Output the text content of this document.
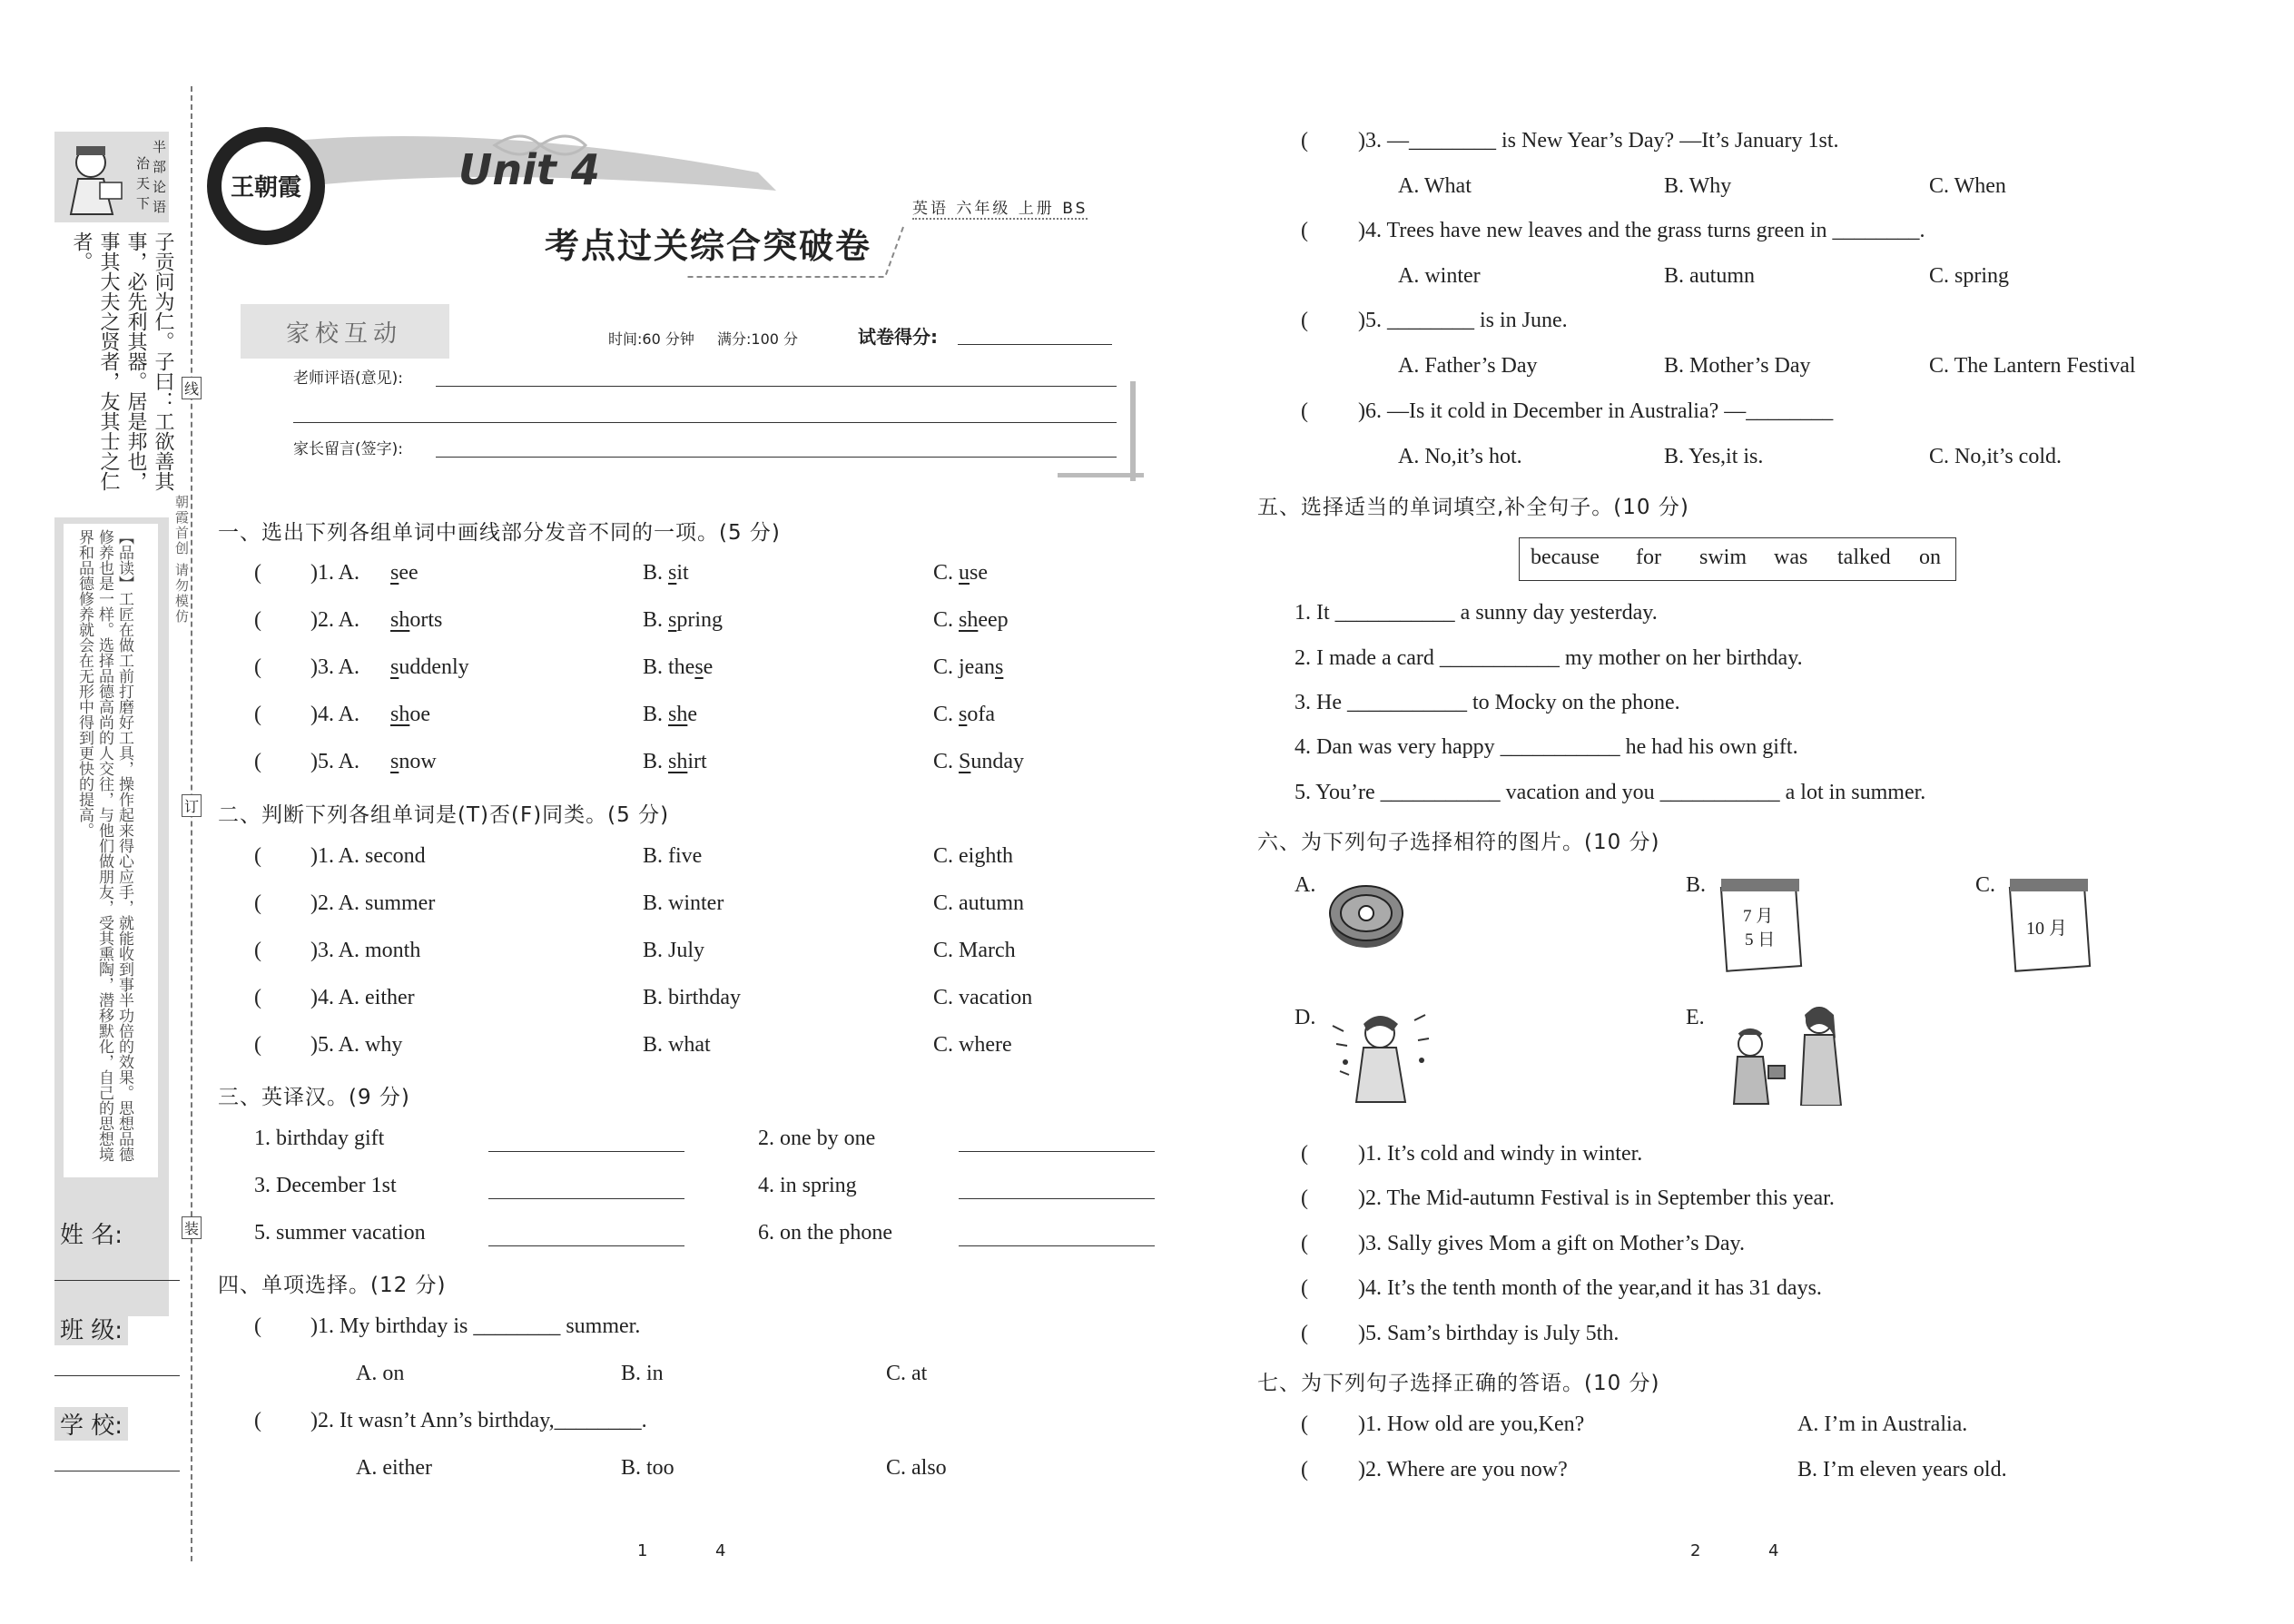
半
部
论
语
治
天
下
子贡问为仁。子曰：工欲善其事，必先利其器。居是邦也，事其大夫之贤者，友其士之仁者。
【品读】工匠在做工前打磨好工具，操作起来得心应手，就能收到事半功倍的效果。思想品德修养也是一样。选择品德高尚的人交往，与他们做朋友，受其熏陶，潜移默化，自己的思想境界和品德修养就会在无形中得到更快的提高。	朝霞首创 请勿模仿
姓 名:
班 级:
学 校:
线
订
装
王朝霞	Unit 4
考点过关综合突破卷
英语 六年级 上册 BS
家校互动	时间:60 分钟 满分:100 分	试卷得分:
老师评语(意见):
家长留言(签字):
一、选出下列各组单词中画线部分发音不同的一项。(5 分)
( )1. A. see	B. sit	C. use
( )2. A. shorts	B. spring	C. sheep
( )3. A. suddenly	B. these	C. jeans
( )4. A. shoe	B. she	C. sofa
( )5. A. snow	B. shirt	C. Sunday
二、判断下列各组单词是(T)否(F)同类。(5 分)
( )1. A. second	B. five	C. eighth
( )2. A. summer	B. winter	C. autumn
( )3. A. month	B. July	C. March
( )4. A. either	B. birthday	C. vacation
( )5. A. why	B. what	C. where
三、英译汉。(9 分)
1. birthday gift	2. one by one
3. December 1st	4. in spring
5. summer vacation	6. on the phone
四、单项选择。(12 分)
( )1. My birthday is ________ summer.
A. on	B. in	C. at
( )2. It wasn’t Ann’s birthday,________.
A. either	B. too	C. also
1	4
( )3. —________ is New Year’s Day? —It’s January 1st.
A. What	B. Why	C. When
( )4. Trees have new leaves and the grass turns green in ________.
A. winter	B. autumn	C. spring
( )5. ________ is in June.
A. Father’s Day	B. Mother’s Day	C. The Lantern Festival
( )6. —Is it cold in December in Australia? —________
A. No,it’s hot.	B. Yes,it is.	C. No,it’s cold.
五、选择适当的单词填空,补全句子。(10 分)
because for swim was talked on
1. It ___________ a sunny day yesterday.
2. I made a card ___________ my mother on her birthday.
3. He ___________ to Mocky on the phone.
4. Dan was very happy ___________ he had his own gift.
5. You’re ___________ vacation and you ___________ a lot in summer.
六、为下列句子选择相符的图片。(10 分)
A.	B.
7 月
5 日
C.
10 月
D.	E.
( )1. It’s cold and windy in winter.
( )2. The Mid-autumn Festival is in September this year.
( )3. Sally gives Mom a gift on Mother’s Day.
( )4. It’s the tenth month of the year,and it has 31 days.
( )5. Sam’s birthday is July 5th.
七、为下列句子选择正确的答语。(10 分)
( )1. How old are you,Ken?	A. I’m in Australia.
( )2. Where are you now?	B. I’m eleven years old.
2	4
